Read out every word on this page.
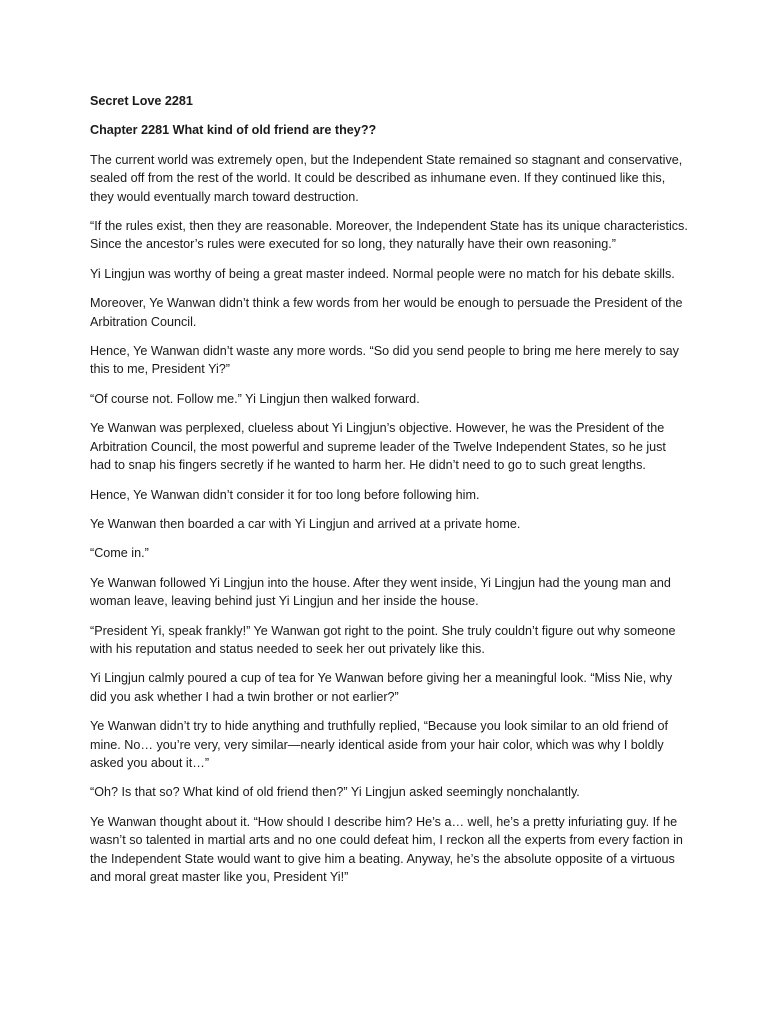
Secret Love 2281
Chapter 2281 What kind of old friend are they??

The current world was extremely open, but the Independent State remained so stagnant and conservative, sealed off from the rest of the world. It could be described as inhumane even. If they continued like this, they would eventually march toward destruction.

“If the rules exist, then they are reasonable. Moreover, the Independent State has its unique characteristics. Since the ancestor’s rules were executed for so long, they naturally have their own reasoning.”

Yi Lingjun was worthy of being a great master indeed. Normal people were no match for his debate skills.

Moreover, Ye Wanwan didn’t think a few words from her would be enough to persuade the President of the Arbitration Council.

Hence, Ye Wanwan didn’t waste any more words. “So did you send people to bring me here merely to say this to me, President Yi?”

“Of course not. Follow me.” Yi Lingjun then walked forward.

Ye Wanwan was perplexed, clueless about Yi Lingjun’s objective. However, he was the President of the Arbitration Council, the most powerful and supreme leader of the Twelve Independent States, so he just had to snap his fingers secretly if he wanted to harm her. He didn’t need to go to such great lengths.

Hence, Ye Wanwan didn’t consider it for too long before following him.

Ye Wanwan then boarded a car with Yi Lingjun and arrived at a private home.

“Come in.”

Ye Wanwan followed Yi Lingjun into the house. After they went inside, Yi Lingjun had the young man and woman leave, leaving behind just Yi Lingjun and her inside the house.

“President Yi, speak frankly!” Ye Wanwan got right to the point. She truly couldn’t figure out why someone with his reputation and status needed to seek her out privately like this.

Yi Lingjun calmly poured a cup of tea for Ye Wanwan before giving her a meaningful look. “Miss Nie, why did you ask whether I had a twin brother or not earlier?”

Ye Wanwan didn’t try to hide anything and truthfully replied, “Because you look similar to an old friend of mine. No… you’re very, very similar—nearly identical aside from your hair color, which was why I boldly asked you about it…”

“Oh? Is that so? What kind of old friend then?” Yi Lingjun asked seemingly nonchalantly.

Ye Wanwan thought about it. “How should I describe him? He’s a… well, he’s a pretty infuriating guy. If he wasn’t so talented in martial arts and no one could defeat him, I reckon all the experts from every faction in the Independent State would want to give him a beating. Anyway, he’s the absolute opposite of a virtuous and moral great master like you, President Yi!”
